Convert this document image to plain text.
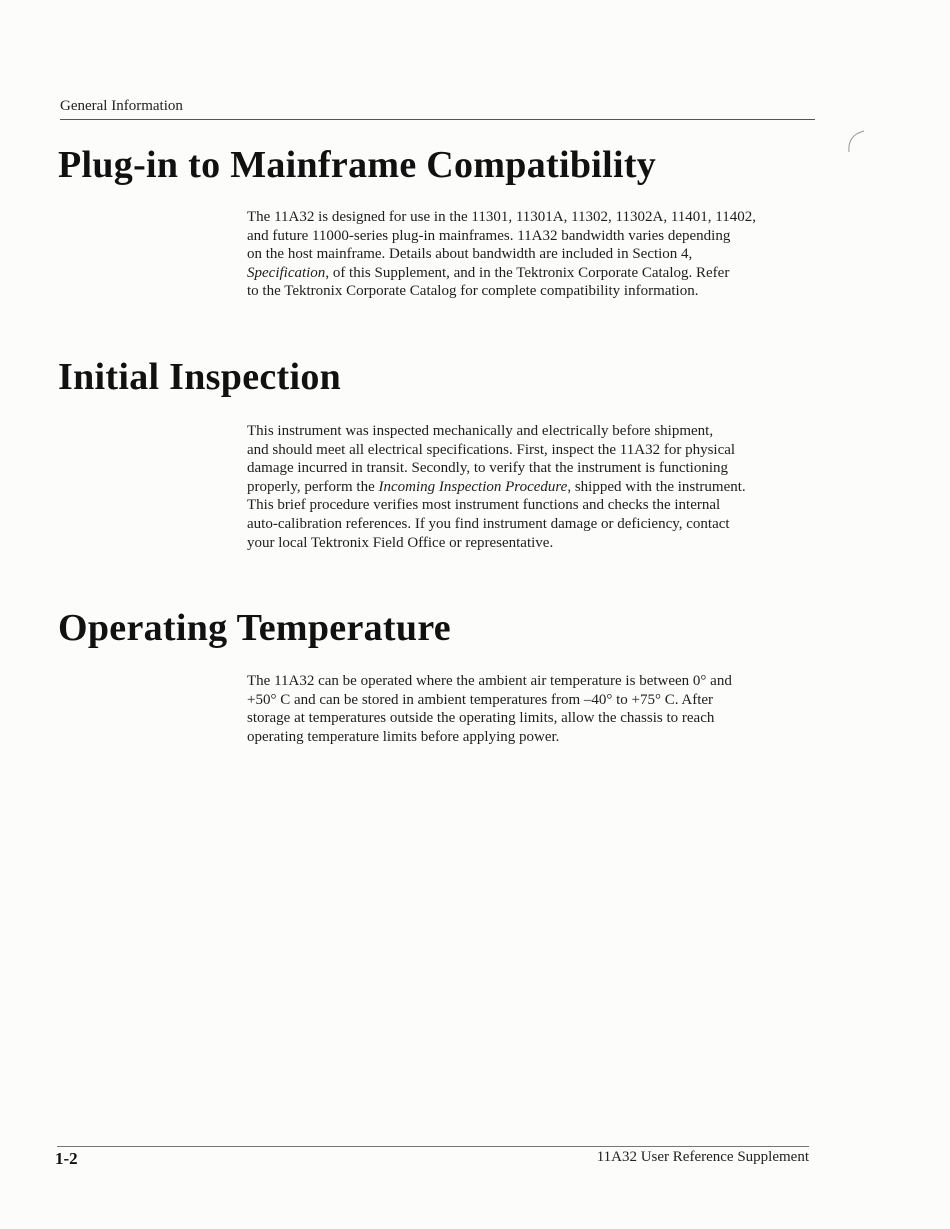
General Information
Plug-in to Mainframe Compatibility

The 11A32 is designed for use in the 11301, 11301A, 11302, 11302A, 11401, 11402,

and future 11000-series plug-in mainframes. 11A32 bandwidth varies depending

on the host mainframe. Details about bandwidth are included in Section 4,

Specification, of this Supplement, and in the Tektronix Corporate Catalog. Refer

to the Tektronix Corporate Catalog for complete compatibility information.

Initial Inspection

This instrument was inspected mechanically and electrically before shipment,

and should meet all electrical specifications. First, inspect the 11A32 for physical

damage incurred in transit. Secondly, to verify that the instrument is functioning

properly, perform the Incoming Inspection Procedure, shipped with the instrument.

This brief procedure verifies most instrument functions and checks the internal

auto-calibration references. If you find instrument damage or deficiency, contact

your local Tektronix Field Office or representative.

Operating Temperature

The 11A32 can be operated where the ambient air temperature is between 0° and

+50° C and can be stored in ambient temperatures from –40° to +75° C. After

storage at temperatures outside the operating limits, allow the chassis to reach

operating temperature limits before applying power.

1-2	11A32 User Reference Supplement
